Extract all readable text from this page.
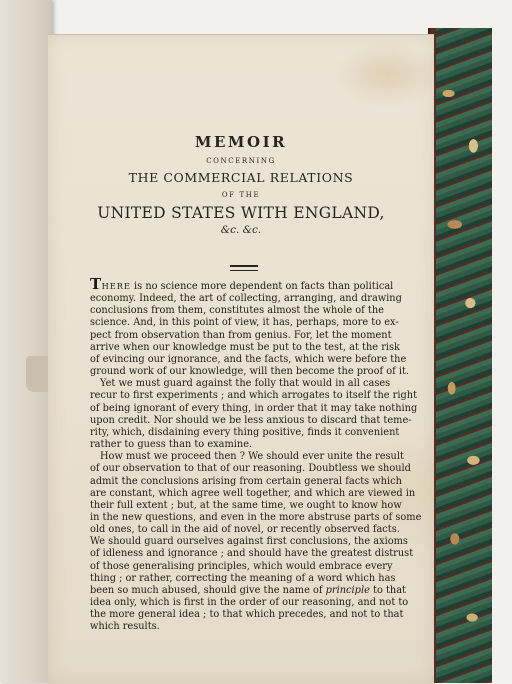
MEMOIR

CONCERNING

THE COMMERCIAL RELATIONS

OF THE

UNITED STATES WITH ENGLAND,

&c. &c.

THERE is no science more dependent on facts than political
economy. Indeed, the art of collecting, arranging, and drawing
conclusions from them, constitutes almost the whole of the
science. And, in this point of view, it has, perhaps, more to ex-
pect from observation than from genius. For, let the moment
arrive when our knowledge must be put to the test, at the risk
of evincing our ignorance, and the facts, which were before the
ground work of our knowledge, will then become the proof of it.
Yet we must guard against the folly that would in all cases
recur to first experiments ; and which arrogates to itself the right
of being ignorant of every thing, in order that it may take nothing
upon credit. Nor should we be less anxious to discard that teme-
rity, which, disdaining every thing positive, finds it convenient
rather to guess than to examine.
How must we proceed then ? We should ever unite the result
of our observation to that of our reasoning. Doubtless we should
admit the conclusions arising from certain general facts which
are constant, which agree well together, and which are viewed in
their full extent ; but, at the same time, we ought to know how
in the new questions, and even in the more abstruse parts of some
old ones, to call in the aid of novel, or recently observed facts.
We should guard ourselves against first conclusions, the axioms
of idleness and ignorance ; and should have the greatest distrust
of those generalising principles, which would embrace every
thing ; or rather, correcting the meaning of a word which has
been so much abused, should give the name of principle to that
idea only, which is first in the order of our reasoning, and not to
the more general idea ; to that which precedes, and not to that
which results.
